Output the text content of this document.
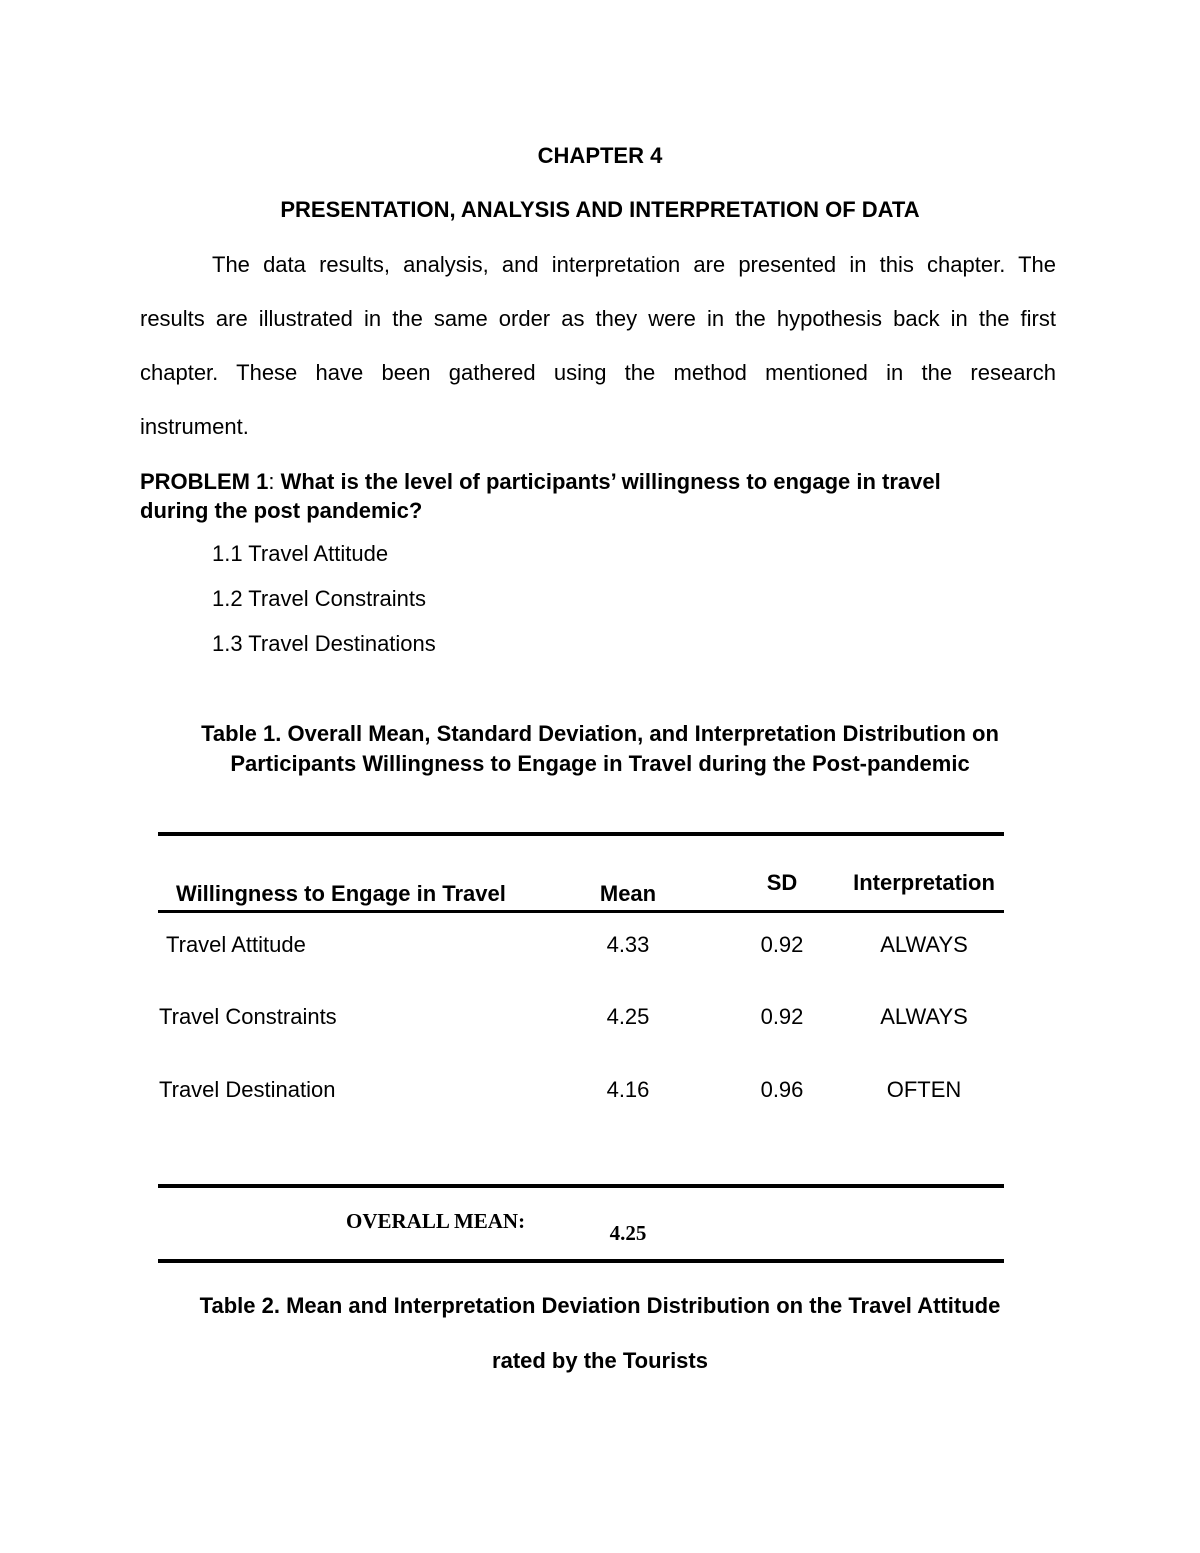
CHAPTER 4
PRESENTATION, ANALYSIS AND INTERPRETATION OF DATA
The data results, analysis, and interpretation are presented in this chapter. The
results are illustrated in the same order as they were in the hypothesis back in the first
chapter. These have been gathered using the method mentioned in the research
instrument.
PROBLEM 1: What is the level of participants’ willingness to engage in travel
during the post pandemic?
1.1 Travel Attitude
1.2 Travel Constraints
1.3 Travel Destinations
Table 1. Overall Mean, Standard Deviation, and Interpretation Distribution on
Participants Willingness to Engage in Travel during the Post-pandemic
Willingness to Engage in Travel	Mean	SD	Interpretation
Travel Attitude	4.33	0.92	ALWAYS
Travel Constraints	4.25	0.92	ALWAYS
Travel Destination	4.16	0.96	OFTEN
OVERALL MEAN:	4.25
Table 2. Mean and Interpretation Deviation Distribution on the Travel Attitude
rated by the Tourists
